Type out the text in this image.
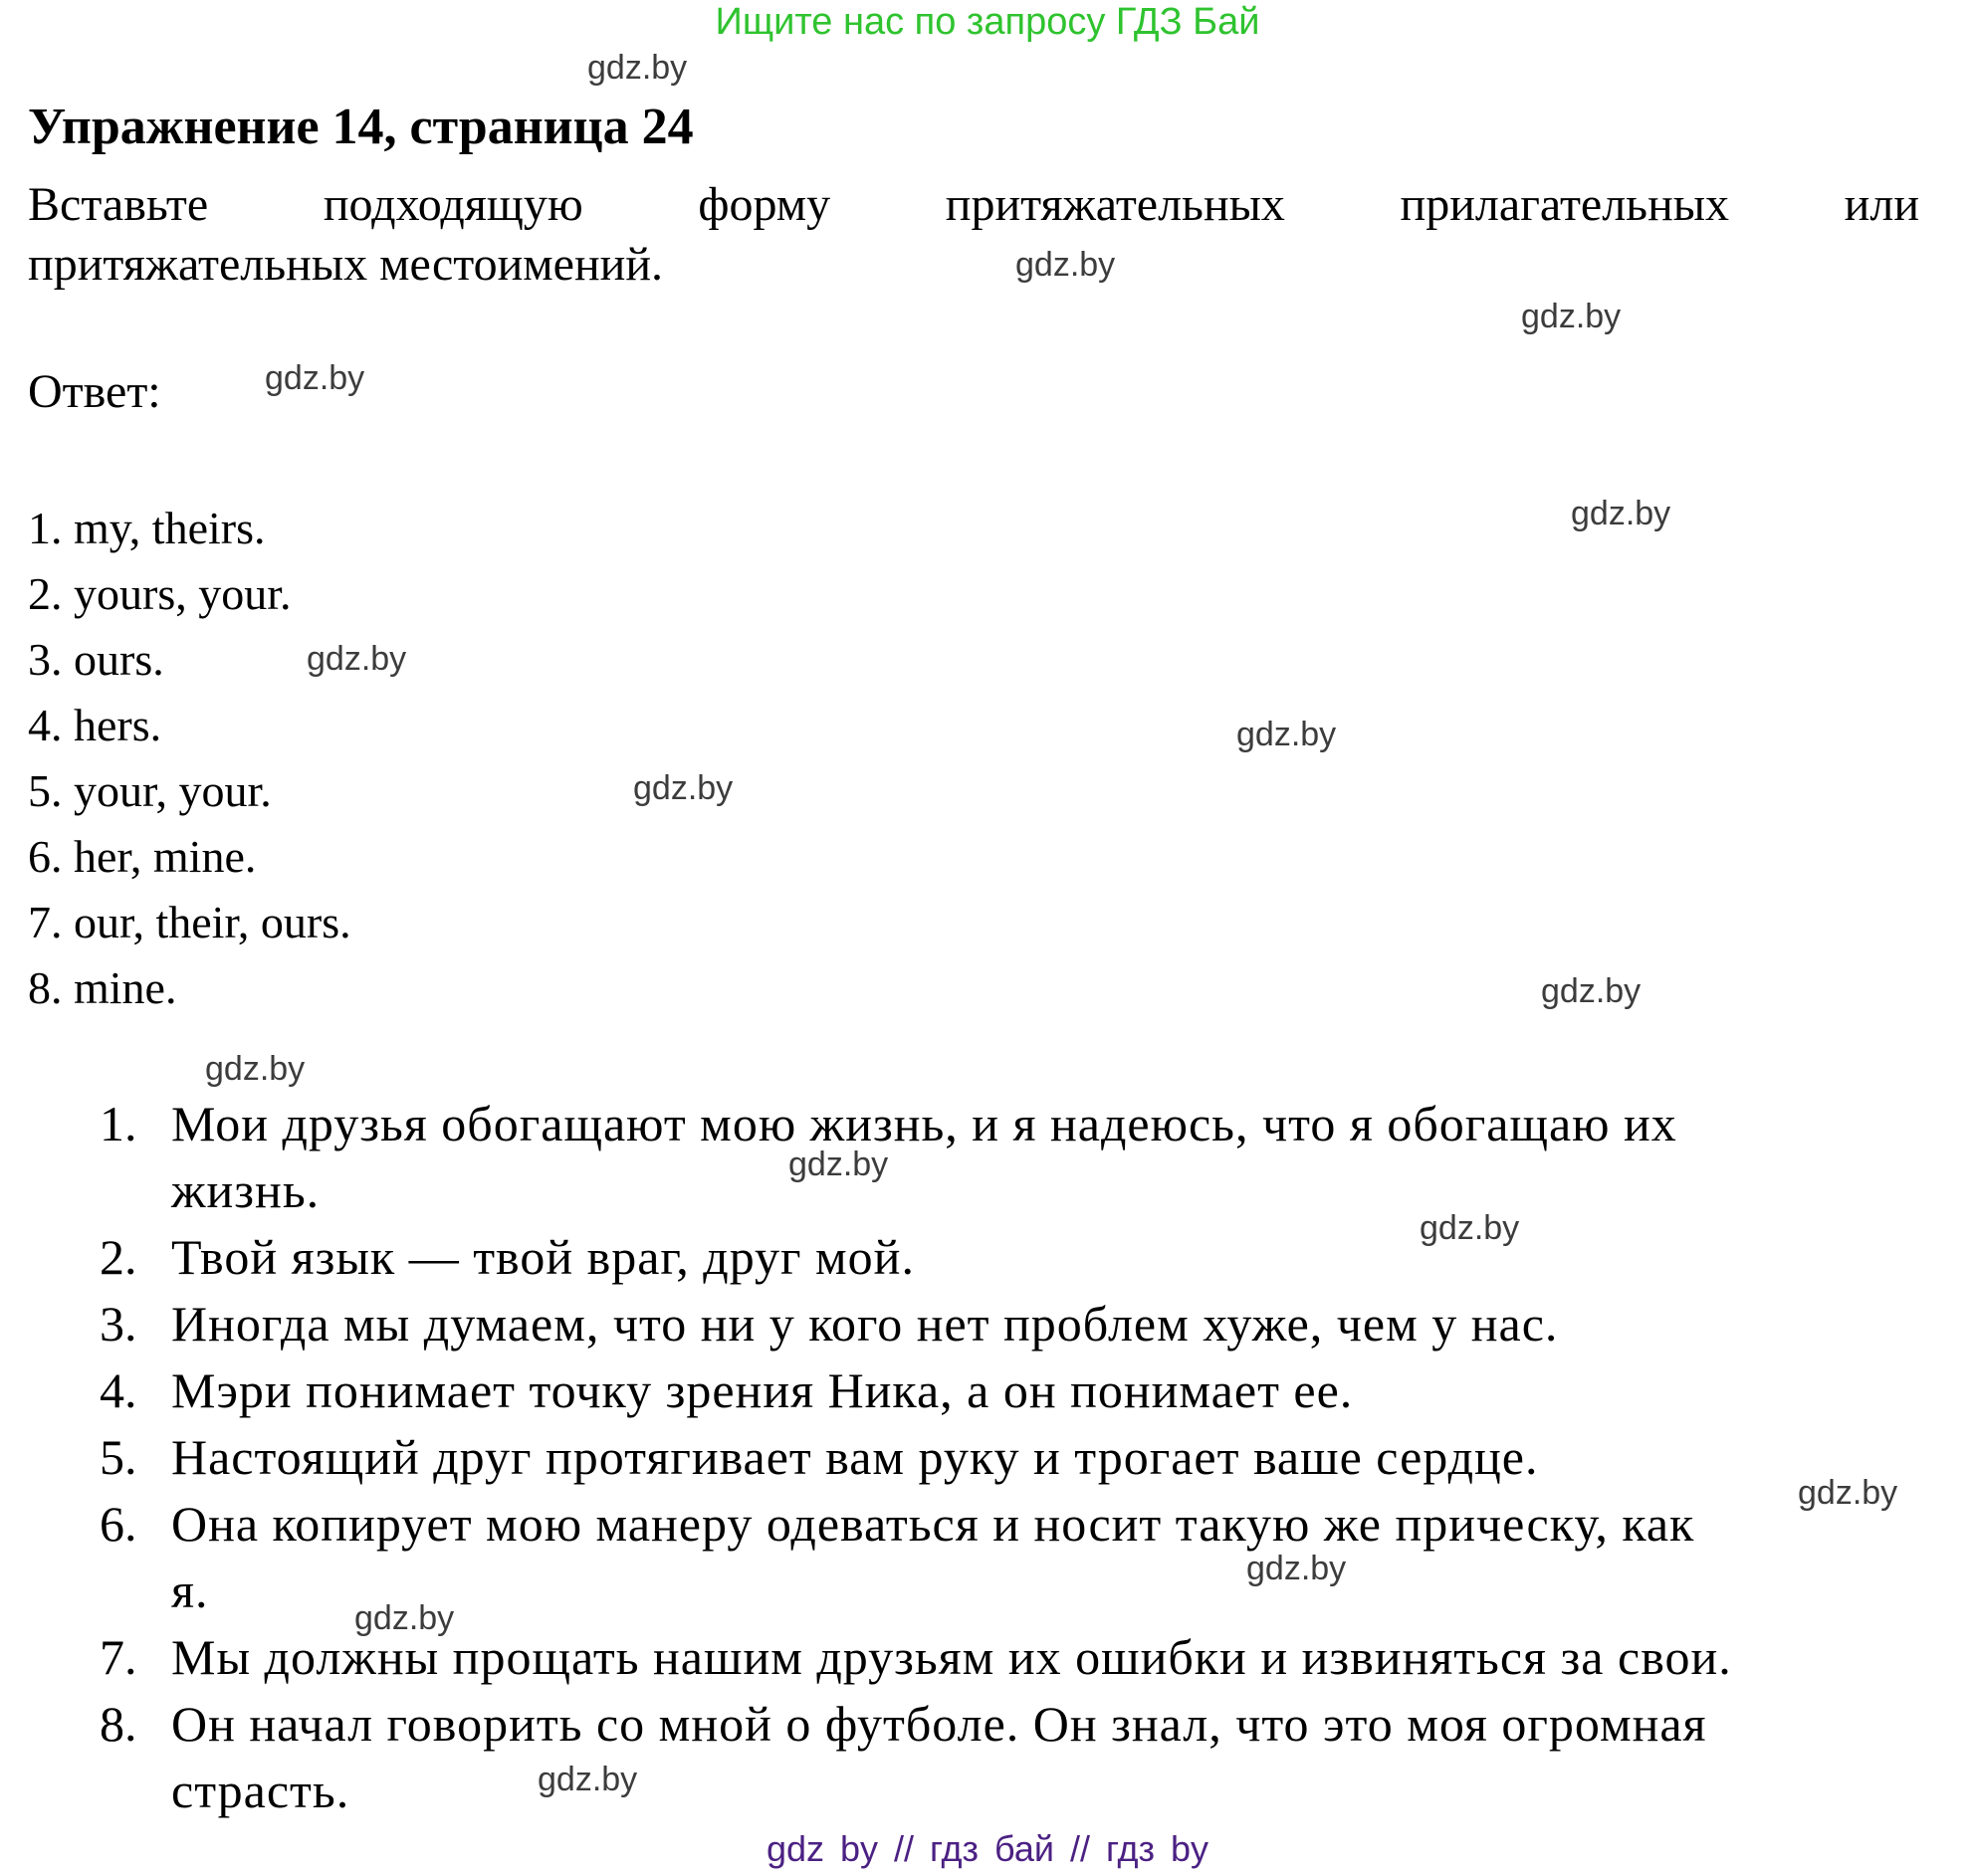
Ищите нас по запросу ГДЗ Бай
gdz.by
gdz.by
gdz.by
gdz.by
gdz.by
gdz.by
gdz.by
gdz.by
gdz.by
gdz.by
gdz.by
gdz.by
gdz.by
gdz.by
gdz.by
gdz.by
Упражнение 14, страница 24
Вставьте подходящую форму притяжательных прилагательных или
притяжательных местоимений.
Ответ:
1. my, theirs.
2. yours, your.
3. ours.
4. hers.
5. your, your.
6. her, mine.
7. our, their, ours.
8. mine.
1. Мои друзья обогащают мою жизнь, и я надеюсь, что я обогащаю их
жизнь.
2. Твой язык — твой враг, друг мой.
3. Иногда мы думаем, что ни у кого нет проблем хуже, чем у нас.
4. Мэри понимает точку зрения Ника, а он понимает ее.
5. Настоящий друг протягивает вам руку и трогает ваше сердце.
6. Она копирует мою манеру одеваться и носит такую же прическу, как
я.
7. Мы должны прощать нашим друзьям их ошибки и извиняться за свои.
8. Он начал говорить со мной о футболе. Он знал, что это моя огромная
страсть.
gdz by // гдз бай // гдз by
